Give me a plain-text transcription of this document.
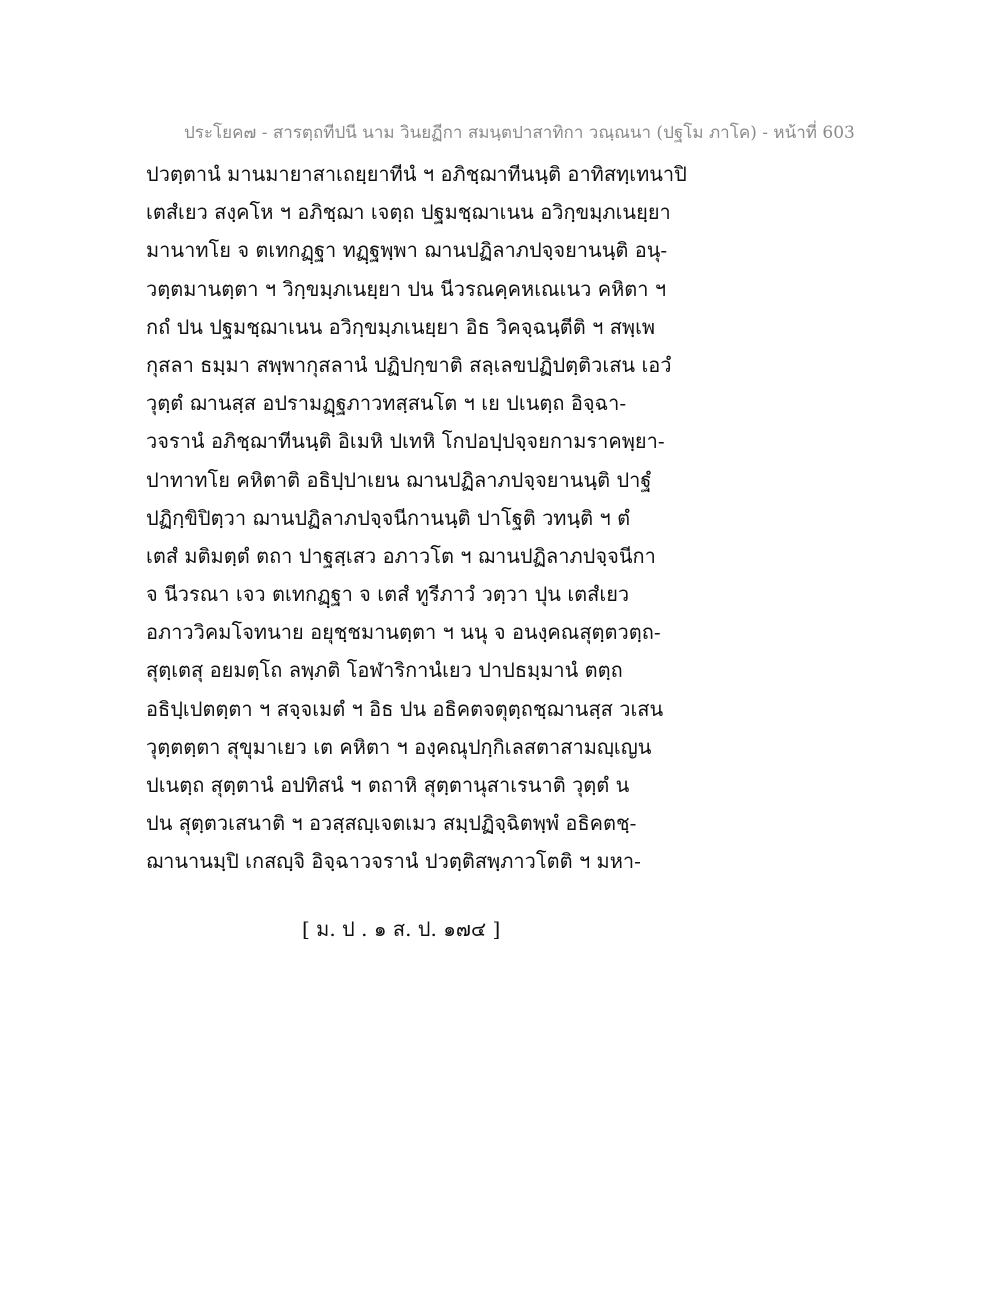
ประโยค๗ - สารตฺถทีปนี นาม วินยฏีกา สมนฺตปาสาทิกา วณฺณนา (ปฐโม ภาโค) - หน้าที่ 603
ปวตฺตานํ มานมายาสาเถยฺยาทีนํ ฯ อภิชฺฌาทีนนฺติ อาทิสทฺเทนาปิ
เตสํเยว สงฺคโห ฯ อภิชฺฌา เจตฺถ ปฐมชฺฌาเนน อวิกฺขมฺภเนยฺยา
มานาทโย จ ตเทกฏฺฐา ทฏฺฐพฺพา ฌานปฏิลาภปจฺจยานนฺติ อนุ-
วตฺตมานตฺตา ฯ วิกฺขมฺภเนยฺยา ปน นีวรณคฺคหเณเนว คหิตา ฯ
กถํ ปน ปฐมชฺฌาเนน อวิกฺขมฺภเนยฺยา อิธ วิคจฺฉนฺตีติ ฯ สพฺเพ
กุสลา ธมฺมา สพฺพากุสลานํ ปฏิปกฺขาติ สลฺเลขปฏิปตฺติวเสน เอวํ
วุตฺตํ ฌานสฺส อปรามฏฺฐภาวทสฺสนโต ฯ เย ปเนตฺถ อิจฺฉา-
วจรานํ อภิชฺฌาทีนนฺติ อิเมหิ ปเทหิ โกปอปฺปจฺจยกามราคพฺยา-
ปาทาทโย คหิตาติ อธิปฺปาเยน ฌานปฏิลาภปจฺจยานนฺติ ปาฐํ
ปฏิกฺขิปิตฺวา ฌานปฏิลาภปจฺจนีกานนฺติ ปาโฐติ วทนฺติ ฯ ตํ
เตสํ มติมตฺตํ ตถา ปาฐสฺเสว อภาวโต ฯ ฌานปฏิลาภปจฺจนีกา
จ นีวรณา เจว ตเทกฏฺฐา จ เตสํ ทูรีภาวํ วตฺวา ปุน เตสํเยว
อภาววิคมโจทนาย อยุชฺชมานตฺตา ฯ นนุ จ อนงฺคณสุตฺตวตฺถ-
สุตฺเตสุ อยมตฺโถ ลพฺภติ โอฬาริกานํเยว ปาปธมฺมานํ ตตฺถ
อธิปฺเปตตฺตา ฯ สจฺจเมตํ ฯ อิธ ปน อธิคตจตุตฺถชฺฌานสฺส วเสน
วุตฺตตฺตา สุขุมาเยว เต คหิตา ฯ องฺคณุปกฺกิเลสตาสามญฺเญน
ปเนตฺถ สุตฺตานํ อปทิสนํ ฯ ตถาหิ สุตฺตานุสาเรนาติ วุตฺตํ น
ปน สุตฺตวเสนาติ ฯ อวสฺสญฺเจตเมว สมฺปฏิจฺฉิตพฺพํ อธิคตชฺ-
ฌานานมฺปิ เกสญฺจิ อิจฺฉาวจรานํ ปวตฺติสพฺภาวโตติ ฯ มหา-
[ ม. ป . ๑ ส. ป. ๑๗๔ ]
